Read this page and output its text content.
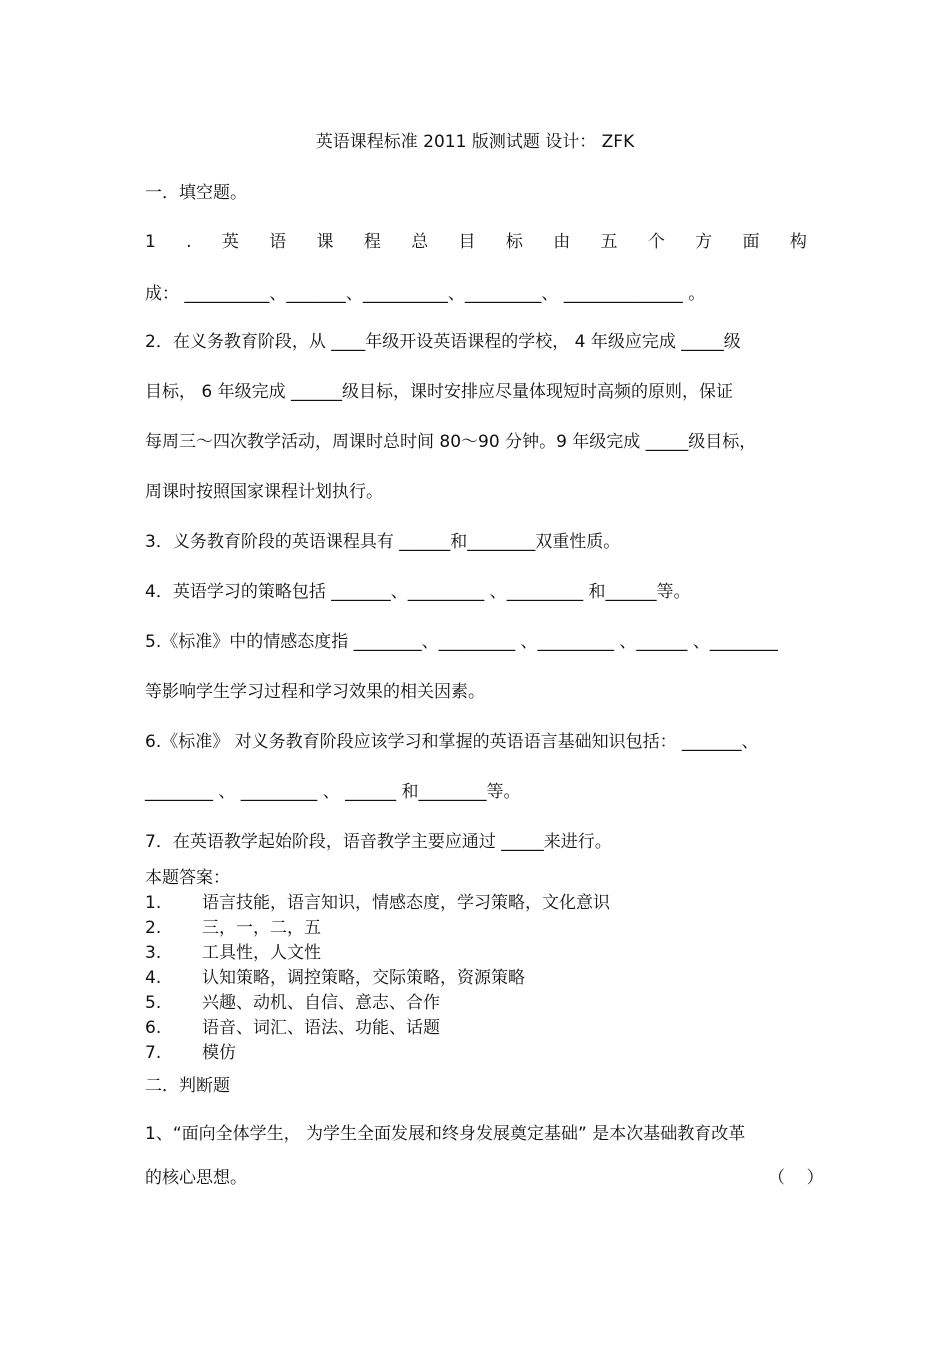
英语课程标准 2011 版测试题 设计： ZFK
一．填空题。
1 . 英 语 课 程 总 目 标 由 五 个 方 面 构
成： __________、_______、__________、_________、 ______________ 。
2．在义务教育阶段，从 ____年级开设英语课程的学校， 4 年级应完成 _____级
目标， 6 年级完成 ______级目标，课时安排应尽量体现短时高频的原则，保证
每周三～四次教学活动，周课时总时间 80～90 分钟。9 年级完成 _____级目标，
周课时按照国家课程计划执行。
3．义务教育阶段的英语课程具有 ______和________双重性质。
4．英语学习的策略包括 _______、_________ 、_________ 和______等。
5.《标准》中的情感态度指 ________、_________ 、_________ 、______ 、________
等影响学生学习过程和学习效果的相关因素。
6.《标准》 对义务教育阶段应该学习和掌握的英语语言基础知识包括： _______、
________ 、 _________ 、 ______ 和________等。
7．在英语教学起始阶段，语音教学主要应通过 _____来进行。
本题答案：
1. 语言技能，语言知识，情感态度，学习策略，文化意识
2. 三，一，二，五
3. 工具性，人文性
4. 认知策略，调控策略，交际策略，资源策略
5. 兴趣、动机、自信、意志、合作
6. 语音、词汇、语法、功能、话题
7. 模仿
二．判断题
1、“面向全体学生， 为学生全面发展和终身发展奠定基础” 是本次基础教育改革
的核心思想。	（    ）
